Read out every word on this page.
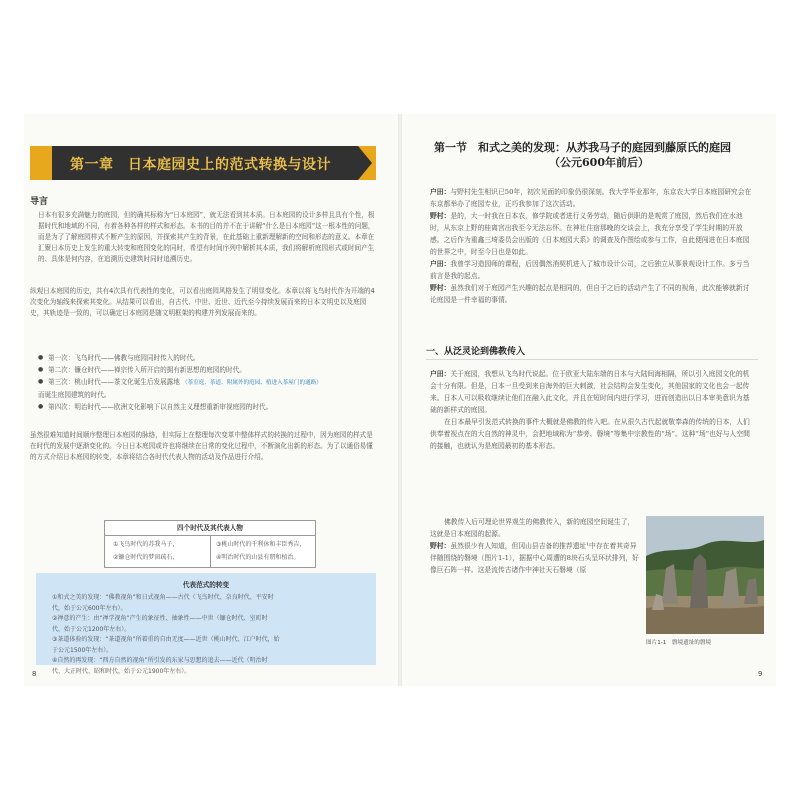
第一章　日本庭园史上的范式转换与设计
导言
日本有很多充满魅力的庭园，但的确其标称为“日本庭园”，就无法看到其本质。日本庭园的设计多样且具有个性，根据时代和地域的不同，有着各种各样的样式和形态。本书的目的并不在于讲解“什么是日本庭园”这一根本性的问题，而是为了了解庭园样式不断产生的原因，并探索其产生的背景，在此基础上重新理解新的空间和形态的意义。本章在汇聚日本历史上发生的重大转变和庭园变化的同时，希望有时间序列中解析其本质，我们将解析庭园形式或时间产生的、具体是何内容，在追溯历史建筑时同时追溯历史。
纵观日本庭园的历史，共有4次具有代表性的变化，可以看出庭园风格发生了明显变化。本章以将飞鸟时代作为开端的4次变化为轴线来探索其变化。从结果可以看出，自古代、中世、近世、近代至今持续发展而来的日本文明史以及庭园史，其轨迹是一致的，可以确定日本庭园是随文明框架的构建并列发展而来的。
● 第一次：飞鸟时代——佛教与庭园同时传入的时代。
● 第二次：镰仓时代——禅宗传入所开启的拥有新思想的庭园的时代。
● 第三次：桃山时代——茶文化诞生后发展露地 （茶室庭、茶道、附属外的庭园、植进入茶屋门的通路）
而诞生庭园建筑的时代。
● 第四次：明治时代——欧洲文化影响下以自然主义理想重新审视庭园的时代。
虽然很难知道时间顺序整理日本庭园的脉络，但实际上在整理每次变革中整体样式的转换的过程中，因为庭园的样式是在时代的发展中逐渐变化的。今日日本庭园或许也将继续在日常的变化过程中，不断演化出新的形态。为了以通俗易懂的方式介绍日本庭园的转变，本章将结合各时代代表人物的活动及作品进行介绍。
四个时代及其代表人物
①飞鸟时代的苏我马子，	③桃山时代的千利休和丰臣秀吉，
②镰仓时代的梦窗疏石，	④明治时代的山县有朋和植治。
代表范式的转变
①和式之美的发现：“佛教视角”和日式视角——古代（飞鸟时代、奈良时代、平安时
代，始于公元600年左右）。
②禅意的产生：由“禅学视角”产生的象征性、抽象性——中世（镰仓时代、室町时
代，始于公元1200年左右）。
③茶道体验的发现：“茶道视角”所着重的自由无度——近世（桃山时代、江户时代，始
于公元1500年左右）。
④自然的再发现：“西方自然的视角”所引发的东家与思想的追去——近代（明治时
代、大正时代、昭和时代，始于公元1900年左右）。
8
第一节　和式之美的发现：从苏我马子的庭园到藤原氏的庭园
（公元600年前后）
户田：与野村先生相识已50年，初次见面的印象仍很深刻。我大学毕业那年，东京农大学日本庭园研究会在东京都举办了庭园专业，正巧我参加了这次活动。
野村：是的，大一时我在日本农，修学院或者进行义务劳动，随后供职的是观赏了庭园，然后我们在水池时，从东京上野的桂离宫出我至今无法忘怀。在神社住宿那晚的交谈会上，我充分享受了学生时期的开放感。之后作为重鑫三埼委员会出版的《日本庭园大系》的调查及作图绘或参与工作，自此便闯进在日本庭园的世界之中，时至今日也是如此。
户田：我曾学习造园师的课程，后因偶然消契机进入了城市设计公司，之后独立从事景观设计工作。多亏当前言是我的起点。
野村：虽然我们对于庭园产生兴趣的起点是相同的，但自于之后的活动产生了不同的视角，此次能够就新讨论庭园是一件幸福的事情。
一、从泛灵论到佛教传入
户田：关于庭园，我想从飞鸟时代说起。位于欧亚大陆东端的日本与大陆间海相隔，所以引入庭园文化的机会十分有限。但是，日本一旦受到来自海外的巨大刺激，社会结构会发生变化，其他国家的文化也会一起传来。日本人可以吸收继续让他们在融入此文化，并且在短时间内进行学习，进而创造出以日本审美意识为基础的新样式的庭园。
在日本最早引发范式转换的事件大概就是佛教的传入吧。在从很久古代起就敬奉森的传统的日本，人们供奉着视点在的大自然的神灵中，会把地域称为“恭旁、磐境”等集中宗教性的“场”。这种“场”也好与人空間的接触，也就认为是庭园最初的基本形态。
佛教传入后可理论世界观生的佛教传入，新的庭园空间诞生了，这就是日本庭园的起源。
野村：虽然很少有人知道，但冈山县吉备的推荐遗址¹中存在着其奇异伴随围绕的磐境（图片1-1），据据中心周遭的8块石头呈环状排列，好像巨石阵一样。这是流传古诸作中神社天石磐境（原
图片1-1　磐境遗址的磐境
9
